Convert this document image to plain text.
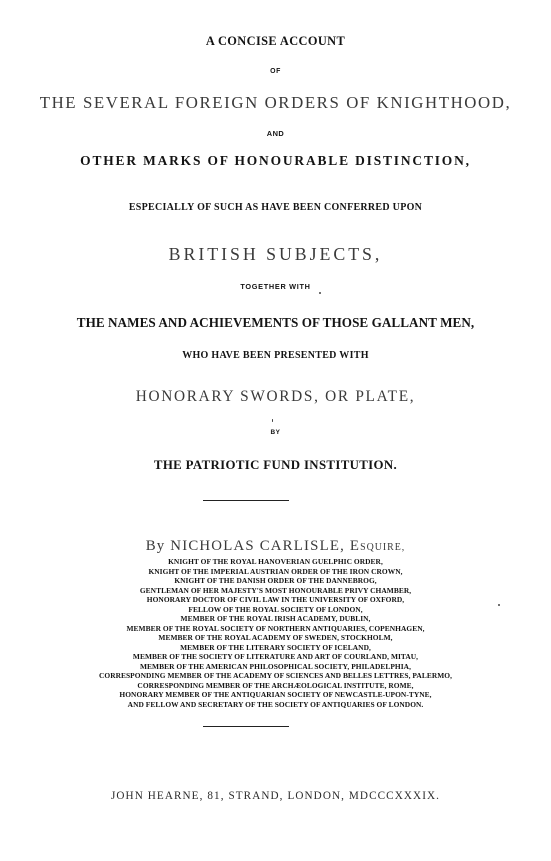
A CONCISE ACCOUNT
OF
THE SEVERAL FOREIGN ORDERS OF KNIGHTHOOD,
AND
OTHER MARKS OF HONOURABLE DISTINCTION,
ESPECIALLY OF SUCH AS HAVE BEEN CONFERRED UPON
BRITISH SUBJECTS,
TOGETHER WITH
THE NAMES AND ACHIEVEMENTS OF THOSE GALLANT MEN,
WHO HAVE BEEN PRESENTED WITH
HONORARY SWORDS, OR PLATE,
BY
THE PATRIOTIC FUND INSTITUTION.
By NICHOLAS CARLISLE, ESQUIRE,
KNIGHT OF THE ROYAL HANOVERIAN GUELPHIC ORDER,
KNIGHT OF THE IMPERIAL AUSTRIAN ORDER OF THE IRON CROWN,
KNIGHT OF THE DANISH ORDER OF THE DANNEBROG,
GENTLEMAN OF HER MAJESTY'S MOST HONOURABLE PRIVY CHAMBER,
HONORARY DOCTOR OF CIVIL LAW IN THE UNIVERSITY OF OXFORD,
FELLOW OF THE ROYAL SOCIETY OF LONDON,
MEMBER OF THE ROYAL IRISH ACADEMY, DUBLIN,
MEMBER OF THE ROYAL SOCIETY OF NORTHERN ANTIQUARIES, COPENHAGEN,
MEMBER OF THE ROYAL ACADEMY OF SWEDEN, STOCKHOLM,
MEMBER OF THE LITERARY SOCIETY OF ICELAND,
MEMBER OF THE SOCIETY OF LITERATURE AND ART OF COURLAND, MITAU,
MEMBER OF THE AMERICAN PHILOSOPHICAL SOCIETY, PHILADELPHIA,
CORRESPONDING MEMBER OF THE ACADEMY OF SCIENCES AND BELLES LETTRES, PALERMO,
CORRESPONDING MEMBER OF THE ARCHÆOLOGICAL INSTITUTE, ROME,
HONORARY MEMBER OF THE ANTIQUARIAN SOCIETY OF NEWCASTLE-UPON-TYNE,
AND FELLOW AND SECRETARY OF THE SOCIETY OF ANTIQUARIES OF LONDON.
JOHN HEARNE, 81, STRAND, LONDON, MDCCCXXXIX.
